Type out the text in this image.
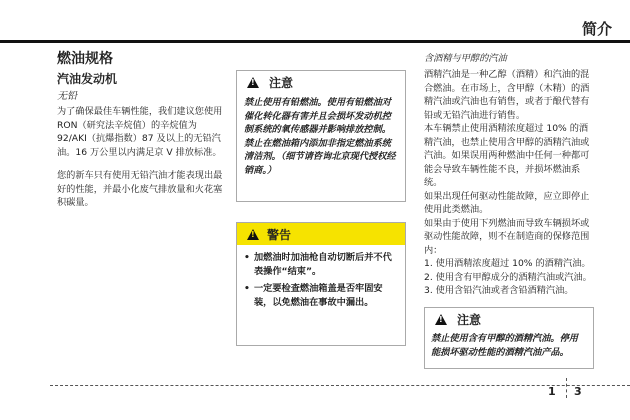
简介
燃油规格
汽油发动机
无铅

为了确保最佳车辆性能，我们建议您使用 RON（研究法辛烷值）的辛烷值为 92/AKI（抗爆指数）87 及以上的无铅汽油。16 万公里以内满足京 V 排放标准。

您的新车只有使用无铅汽油才能表现出最好的性能，并最小化废气排放量和火花塞积碳量。

!
注意

禁止使用有铅燃油。使用有铅燃油对催化转化器有害并且会损坏发动机控制系统的氧传感器并影响排放控制。

禁止在燃油箱内添加非指定燃油系统清洁剂。（细节请咨询北京现代授权经销商。）

!
警告
• 加燃油时加油枪自动切断后并不代表操作“结束”。
• 一定要检查燃油箱盖是否牢固安装，以免燃油在事故中漏出。
含酒精与甲醇的汽油

酒精汽油是一种乙醇（酒精）和汽油的混合燃油。在市场上，含甲醇（木精）的酒精汽油或汽油也有销售，或者于酿代替有铅或无铅汽油进行销售。

本车辆禁止使用酒精浓度超过 10% 的酒精汽油，也禁止使用含甲醇的酒精汽油或汽油。如果误用两种燃油中任何一种都可能会导致车辆性能不良，并损坏燃油系统。

如果出现任何驱动性能故障，应立即停止使用此类燃油。

如果由于使用下列燃油而导致车辆损坏或驱动性能故障，则不在制造商的保修范围内：

1. 使用酒精浓度超过 10% 的酒精汽油。
2. 使用含有甲醇成分的酒精汽油或汽油。
3. 使用含铅汽油或者含铅酒精汽油。
!
注意

禁止使用含有甲醇的酒精汽油。停用能损坏驱动性能的酒精汽油产品。

1 3
